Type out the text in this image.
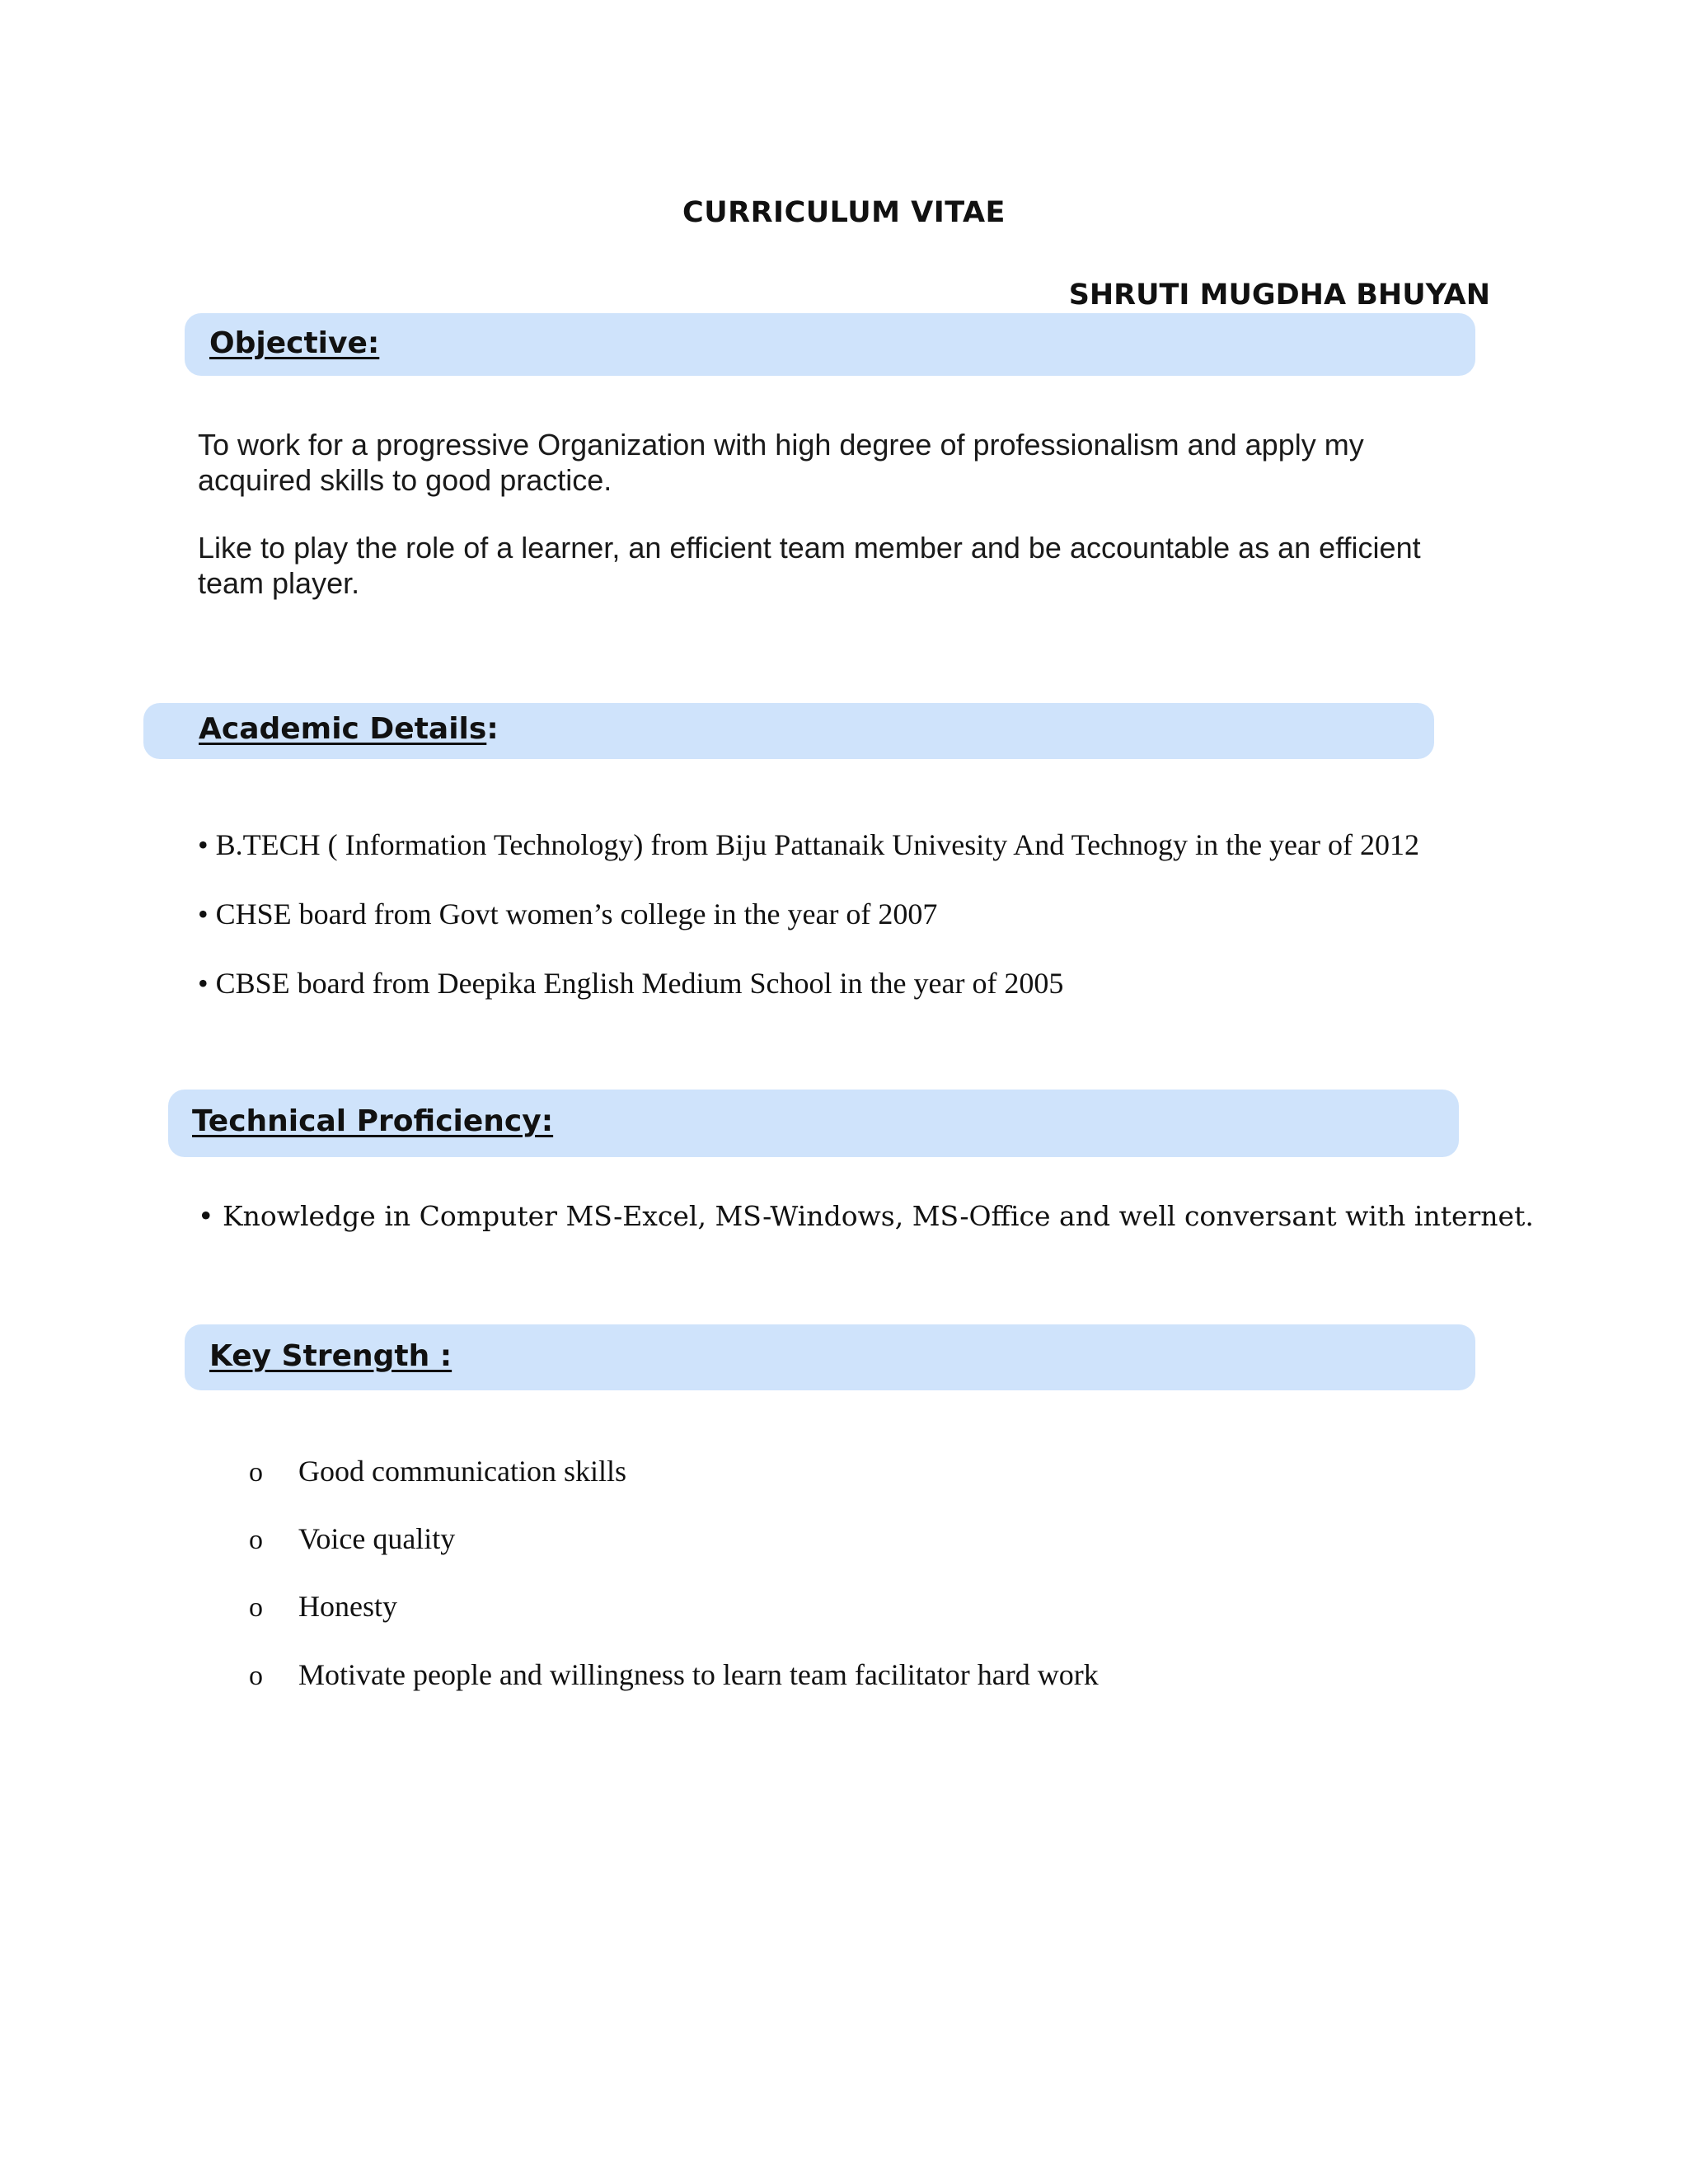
CURRICULUM VITAE
SHRUTI MUGDHA BHUYAN
Objective:
To work for a progressive Organization with high degree of professionalism and apply my acquired skills to good practice.
Like to play the role of a learner, an efficient team member and be accountable as an efficient team player.
Academic Details:
• B.TECH ( Information Technology) from Biju Pattanaik Univesity And Technogy in the year of 2012
• CHSE board from Govt women’s college in the year of 2007
• CBSE board from Deepika English Medium School in the year of 2005
Technical Proficiency:
• Knowledge in Computer MS-Excel, MS-Windows, MS-Office and well conversant with internet.
Key Strength :
o Good communication skills
o Voice quality
o Honesty
o Motivate people and willingness to learn team facilitator hard work
